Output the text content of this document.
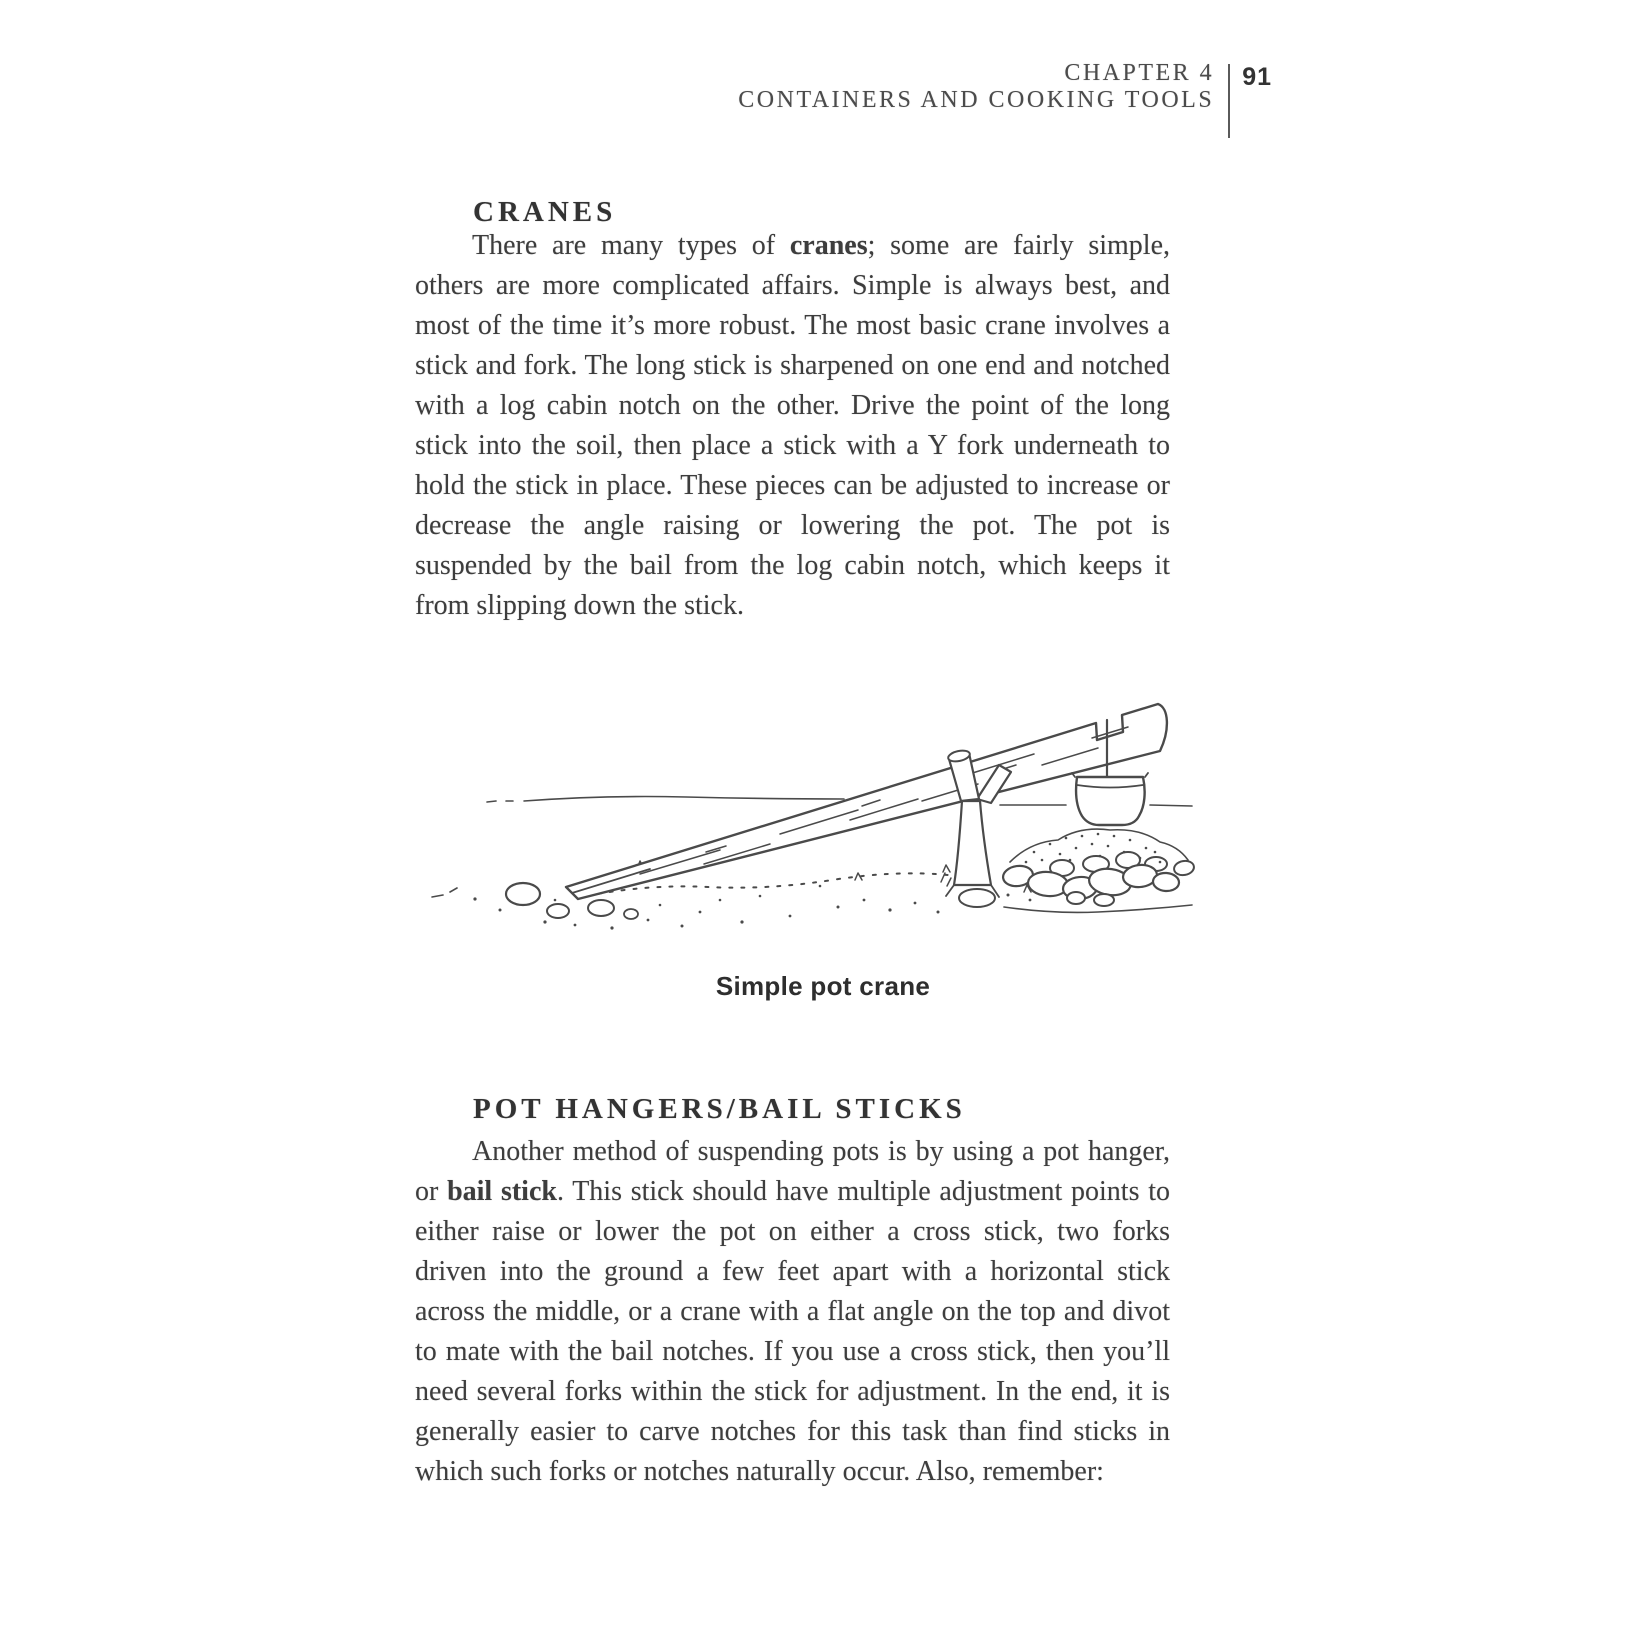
CHAPTER 4
CONTAINERS AND COOKING TOOLS
91
CRANES

There are many types of cranes; some are fairly simple, others are more complicated affairs. Simple is always best, and most of the time it’s more robust. The most basic crane involves a stick and fork. The long stick is sharpened on one end and notched with a log cabin notch on the other. Drive the point of the long stick into the soil, then place a stick with a Y fork underneath to hold the stick in place. These pieces can be adjusted to increase or decrease the angle raising or lowering the pot. The pot is suspended by the bail from the log cabin notch, which keeps it from slipping down the stick.

Simple pot crane
POT HANGERS/BAIL STICKS

Another method of suspending pots is by using a pot hanger, or bail stick. This stick should have multiple adjustment points to either raise or lower the pot on either a cross stick, two forks driven into the ground a few feet apart with a horizontal stick across the middle, or a crane with a flat angle on the top and divot to mate with the bail notches. If you use a cross stick, then you’ll need several forks within the stick for adjustment. In the end, it is generally easier to carve notches for this task than find sticks in which such forks or notches naturally occur. Also, remember:
